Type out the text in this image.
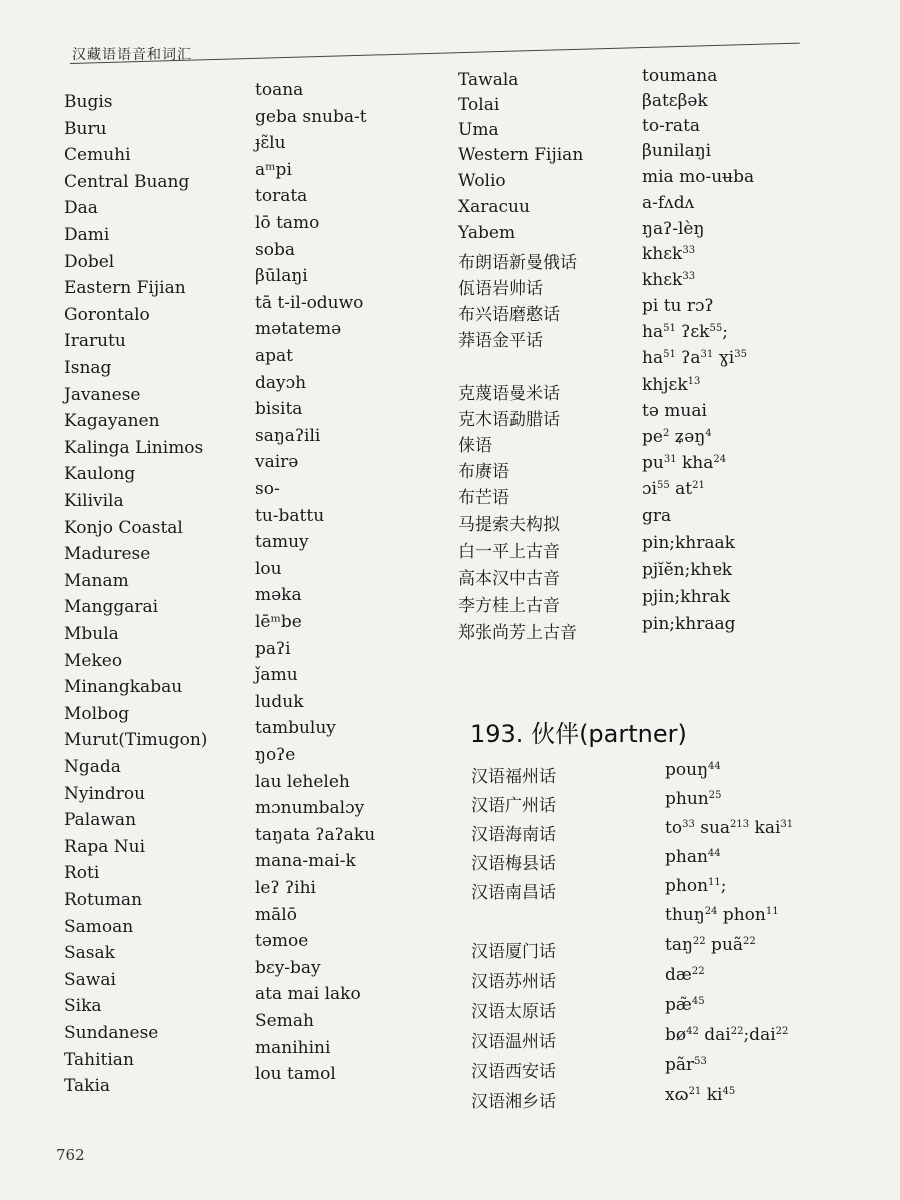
汉藏语语音和词汇
Bugis
Buru
Cemuhi
Central Buang
Daa
Dami
Dobel
Eastern Fijian
Gorontalo
Irarutu
Isnag
Javanese
Kagayanen
Kalinga Linimos
Kaulong
Kilivila
Konjo Coastal
Madurese
Manam
Manggarai
Mbula
Mekeo
Minangkabau
Molbog
Murut(Timugon)
Ngada
Nyindrou
Palawan
Rapa Nui
Roti
Rotuman
Samoan
Sasak
Sawai
Sika
Sundanese
Tahitian
Takia
toana
geba snuba-t
ɟɛ̃lu
aᵐpi
torata
lō tamo
soba
βūlaŋi
tā t-il-oduwo
mətatemə
apat
dayɔh
bisita
saŋaʔili
vairə
so-
tu-battu
tamuy
lou
məka
lēᵐbe
paʔi
ǰamu
luduk
tambuluy
ŋoʔe
lau leheleh
mɔnumbalɔy
taŋata ʔaʔaku
mana-mai-k
leʔ ʔihi
mālō
təmoe
bɛy-bay
ata mai lako
Semah
manihini
lou tamol
Tawala
Tolai
Uma
Western Fijian
Wolio
Xaracuu
Yabem
布朗语新曼俄话
佤语岩帅话
布兴语磨憨话
莽语金平话
克蔑语曼米话
克木语勐腊话
俫语
布赓语
布芒语
马提索夫构拟
白一平上古音
高本汉中古音
李方桂上古音
郑张尚芳上古音
toumana
βatɛβək
to-rata
βunilaŋi
mia mo-uʉba
a-fʌdʌ
ŋaʔ-lèŋ
khɛk$^{33}$
khɛk$^{33}$
pi tu rɔʔ
$ha^{51}$ ʔɛk$^{55}$;
$ha^{51}$ ʔa$^{31}$ ɣi$^{35}$
khjɛk$^{13}$
tə muai
$pe^2$ ʑəŋ$^4$
$pu^{31}$ kha$^{24}$
ɔi$^{55}$ $at^{21}$
gra
pin;khraak
pjĭĕn;khɐk
pjin;khrak
pin;khraag
193. 伙伴(partner)
汉语福州话
汉语广州话
汉语海南话
汉语梅县话
汉语南昌话
汉语厦门话
汉语苏州话
汉语太原话
汉语温州话
汉语西安话
汉语湘乡话
pouŋ$^{44}$
phun$^{25}$
$to^{33}$ sua$^{213}$ kai$^{31}$
phan$^{44}$
phon$^{11}$;
thuŋ$^{24}$ phon$^{11}$
taŋ$^{22}$ puã$^{22}$
$dæ^{22}$
pæ̃$^{45}$
$bø^{42}$ dai$^{22}$;dai$^{22}$
pãr$^{53}$
xɷ$^{21}$ $ki^{45}$
762
